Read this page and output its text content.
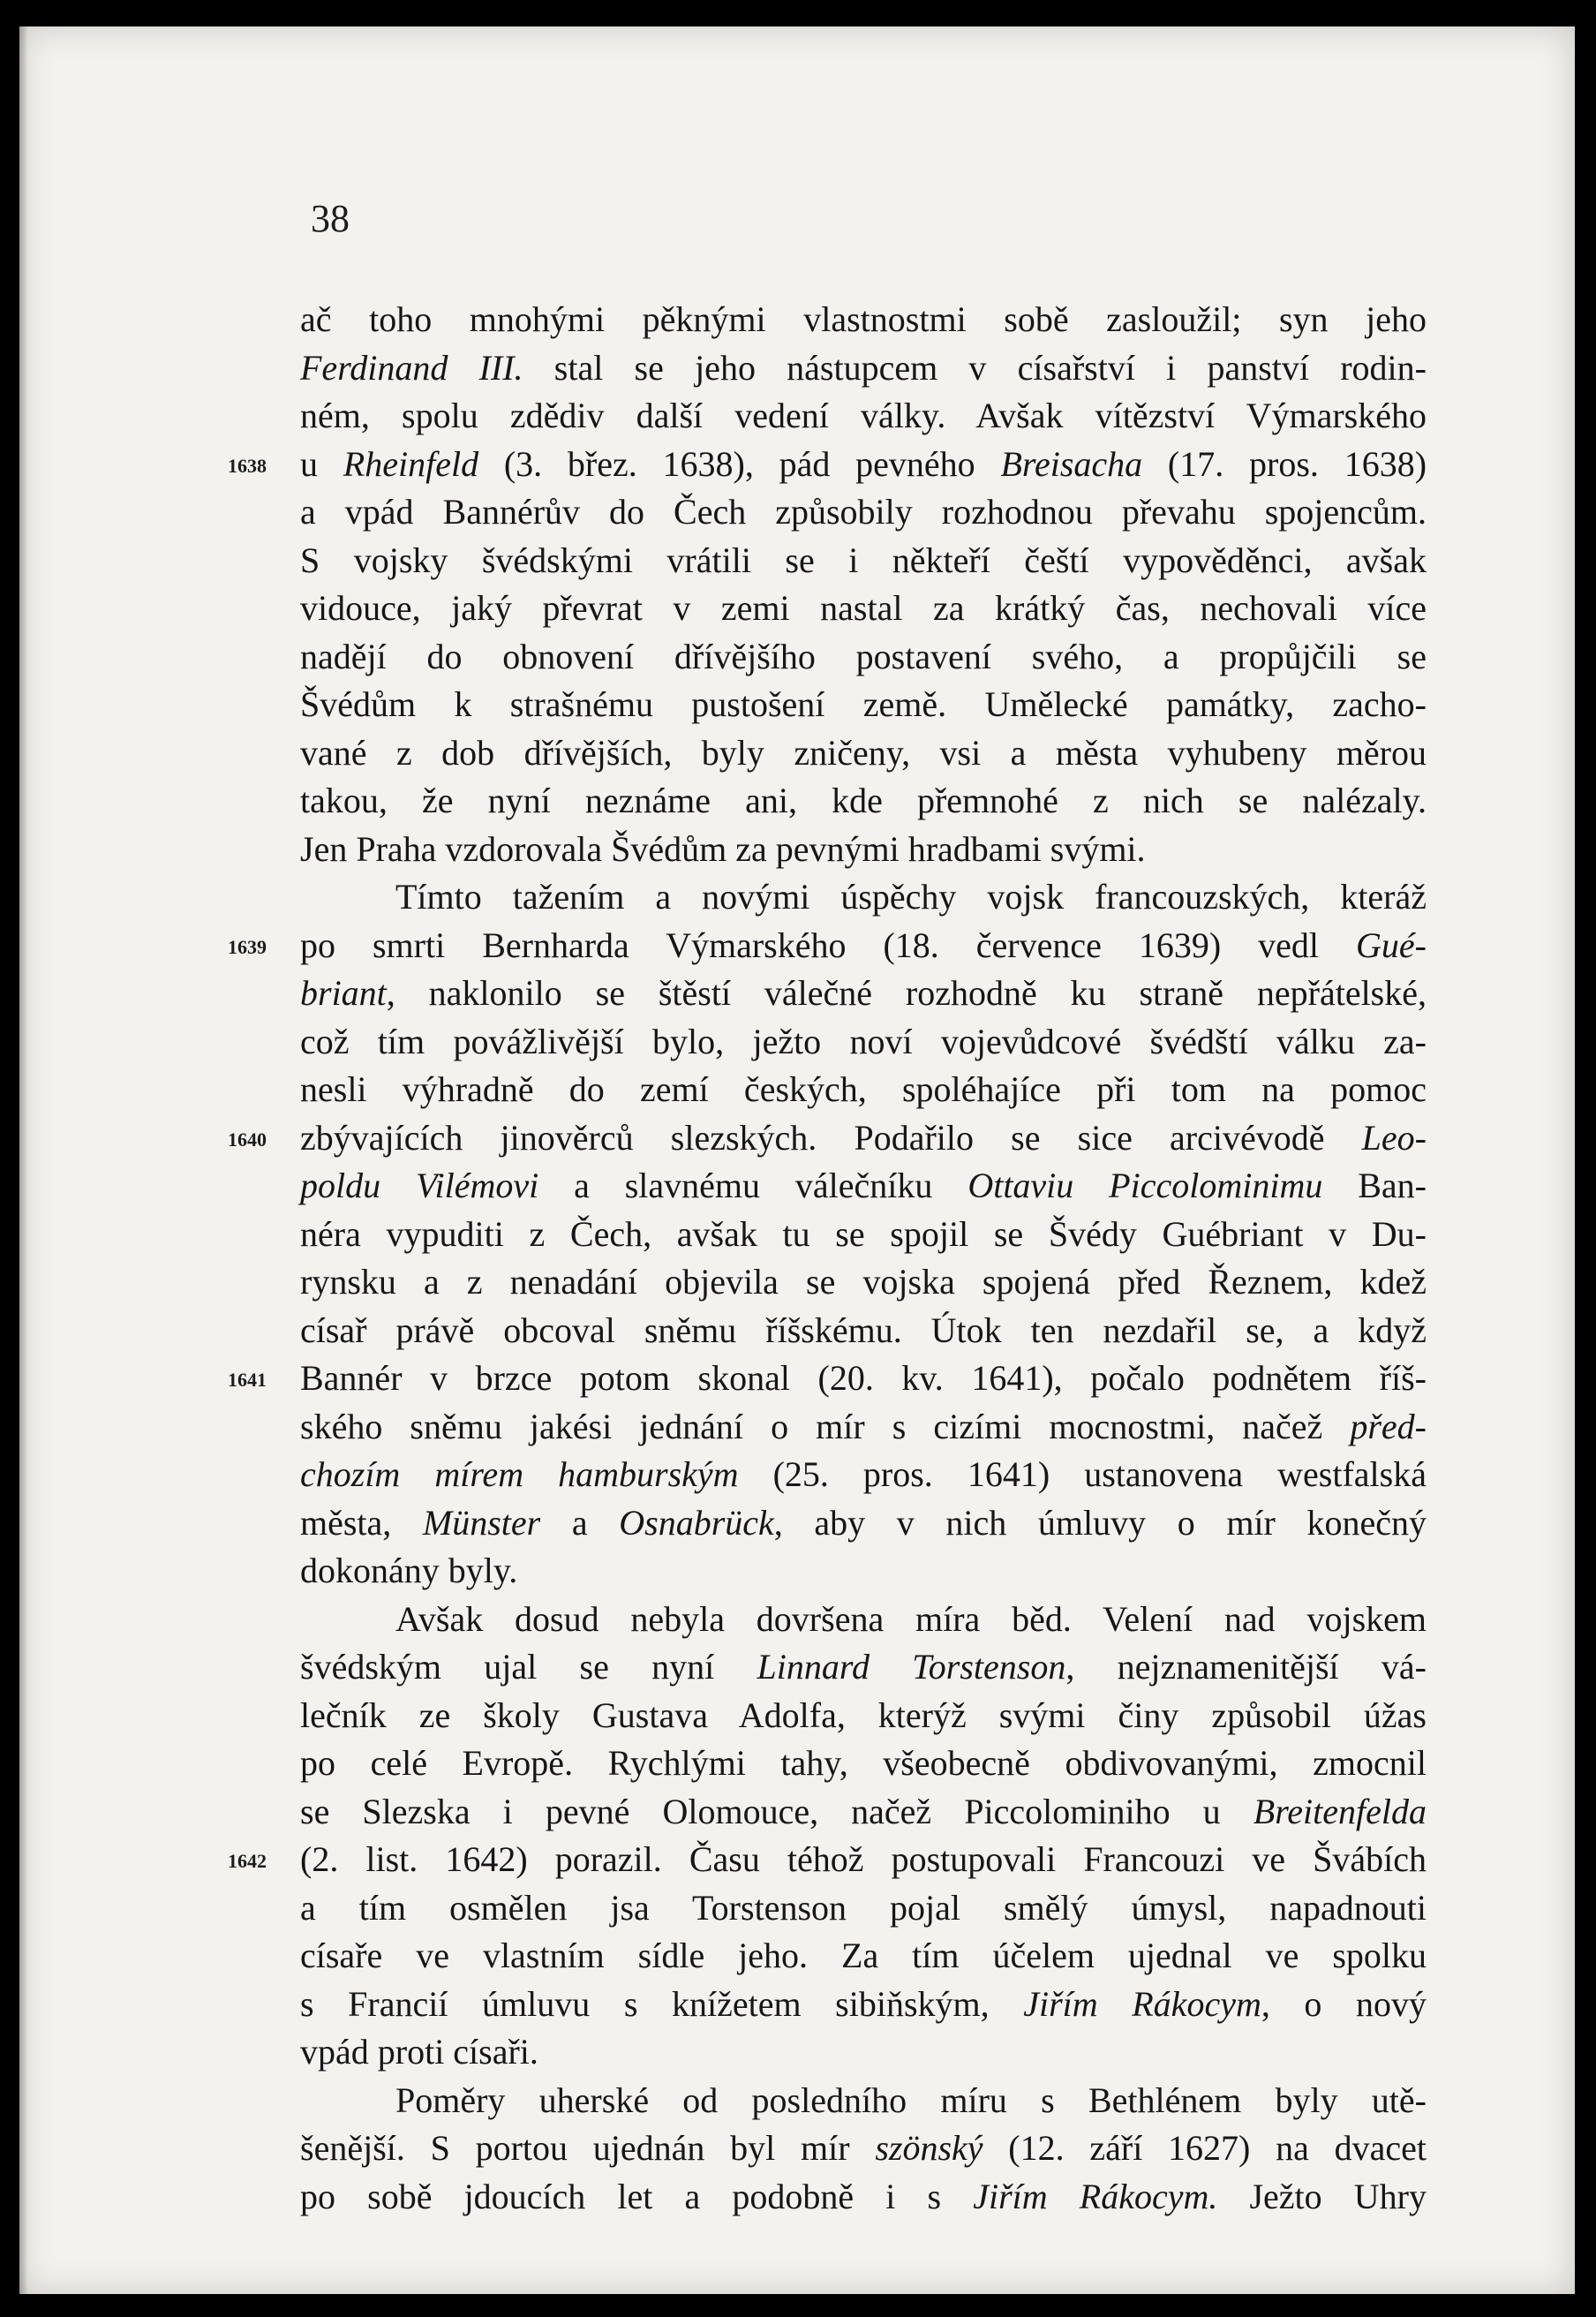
38
ač toho mnohými pěknými vlastnostmi sobě zasloužil; syn jeho
Ferdinand III. stal se jeho nástupcem v císařství i panství rodin-
ném, spolu zdědiv další vedení války. Avšak vítězství Výmarského
1638 u Rheinfeld (3. břez. 1638), pád pevného Breisacha (17. pros. 1638)
a vpád Bannérův do Čech způsobily rozhodnou převahu spojencům.
S vojsky švédskými vrátili se i někteří čeští vypověděnci, avšak
vidouce, jaký převrat v zemi nastal za krátký čas, nechovali více
nadějí do obnovení dřívějšího postavení svého, a propůjčili se
Švédům k strašnému pustošení země. Umělecké památky, zacho-
vané z dob dřívějších, byly zničeny, vsi a města vyhubeny měrou
takou, že nyní neznáme ani, kde přemnohé z nich se nalézaly.
Jen Praha vzdorovala Švédům za pevnými hradbami svými.
Tímto tažením a novými úspěchy vojsk francouzských, kteráž
1639 po smrti Bernharda Výmarského (18. července 1639) vedl Gué-
briant, naklonilo se štěstí válečné rozhodně ku straně nepřátelské,
což tím povážlivější bylo, ježto noví vojevůdcové švédští válku za-
nesli výhradně do zemí českých, spoléhajíce při tom na pomoc
1640 zbývajících jinověrců slezských. Podařilo se sice arcivévodě Leo-
poldu Vilémovi a slavnému válečníku Ottaviu Piccolominimu Ban-
néra vypuditi z Čech, avšak tu se spojil se Švédy Guébriant v Du-
rynsku a z nenadání objevila se vojska spojená před Řeznem, kdež
císař právě obcoval sněmu říšskému. Útok ten nezdařil se, a když
1641 Bannér v brzce potom skonal (20. kv. 1641), počalo podnětem říš-
ského sněmu jakési jednání o mír s cizími mocnostmi, načež před-
chozím mírem hamburským (25. pros. 1641) ustanovena westfalská
města, Münster a Osnabrück, aby v nich úmluvy o mír konečný
dokonány byly.
Avšak dosud nebyla dovršena míra běd. Velení nad vojskem
švédským ujal se nyní Linnard Torstenson, nejznamenitější vá-
lečník ze školy Gustava Adolfa, kterýž svými činy způsobil úžas
po celé Evropě. Rychlými tahy, všeobecně obdivovanými, zmocnil
se Slezska i pevné Olomouce, načež Piccolominiho u Breitenfelda
1642 (2. list. 1642) porazil. Času téhož postupovali Francouzi ve Švábích
a tím osmělen jsa Torstenson pojal smělý úmysl, napadnouti
císaře ve vlastním sídle jeho. Za tím účelem ujednal ve spolku
s Francií úmluvu s knížetem sibiňským, Jiřím Rákocym, o nový
vpád proti císaři.
Poměry uherské od posledního míru s Bethlénem byly utě-
šenější. S portou ujednán byl mír szönský (12. září 1627) na dvacet
po sobě jdoucích let a podobně i s Jiřím Rákocym. Ježto Uhry
